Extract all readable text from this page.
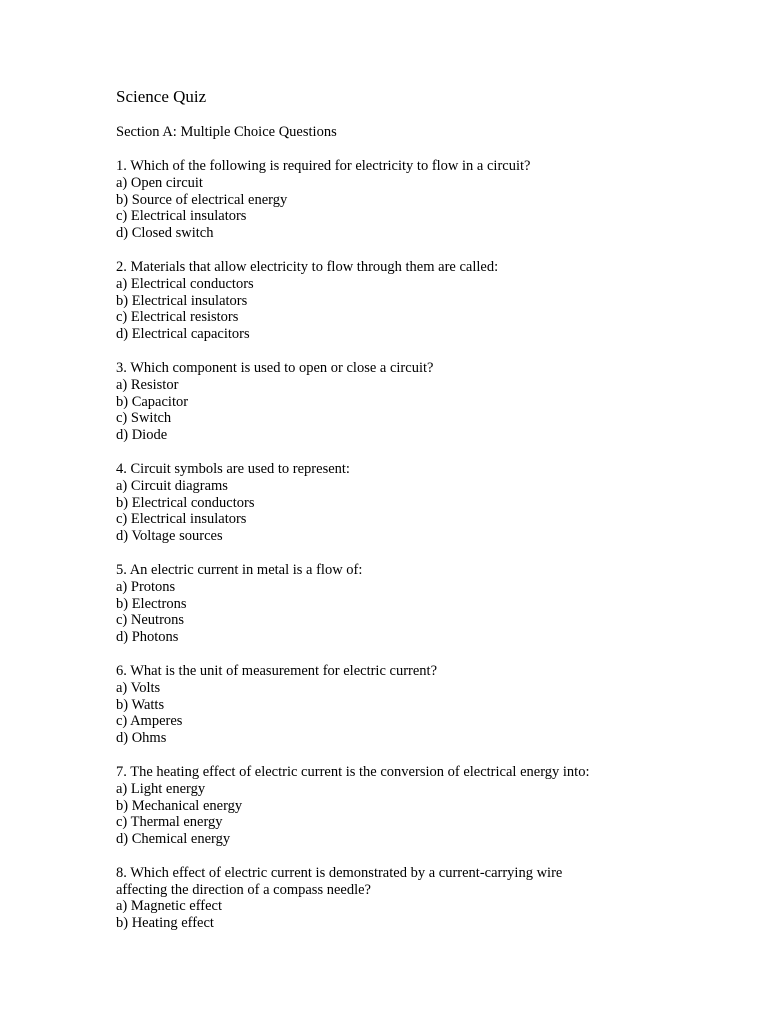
Science Quiz
Section A: Multiple Choice Questions
1. Which of the following is required for electricity to flow in a circuit?
a) Open circuit
b) Source of electrical energy
c) Electrical insulators
d) Closed switch
2. Materials that allow electricity to flow through them are called:
a) Electrical conductors
b) Electrical insulators
c) Electrical resistors
d) Electrical capacitors
3. Which component is used to open or close a circuit?
a) Resistor
b) Capacitor
c) Switch
d) Diode
4. Circuit symbols are used to represent:
a) Circuit diagrams
b) Electrical conductors
c) Electrical insulators
d) Voltage sources
5. An electric current in metal is a flow of:
a) Protons
b) Electrons
c) Neutrons
d) Photons
6. What is the unit of measurement for electric current?
a) Volts
b) Watts
c) Amperes
d) Ohms
7. The heating effect of electric current is the conversion of electrical energy into:
a) Light energy
b) Mechanical energy
c) Thermal energy
d) Chemical energy
8. Which effect of electric current is demonstrated by a current-carrying wire
affecting the direction of a compass needle?
a) Magnetic effect
b) Heating effect
